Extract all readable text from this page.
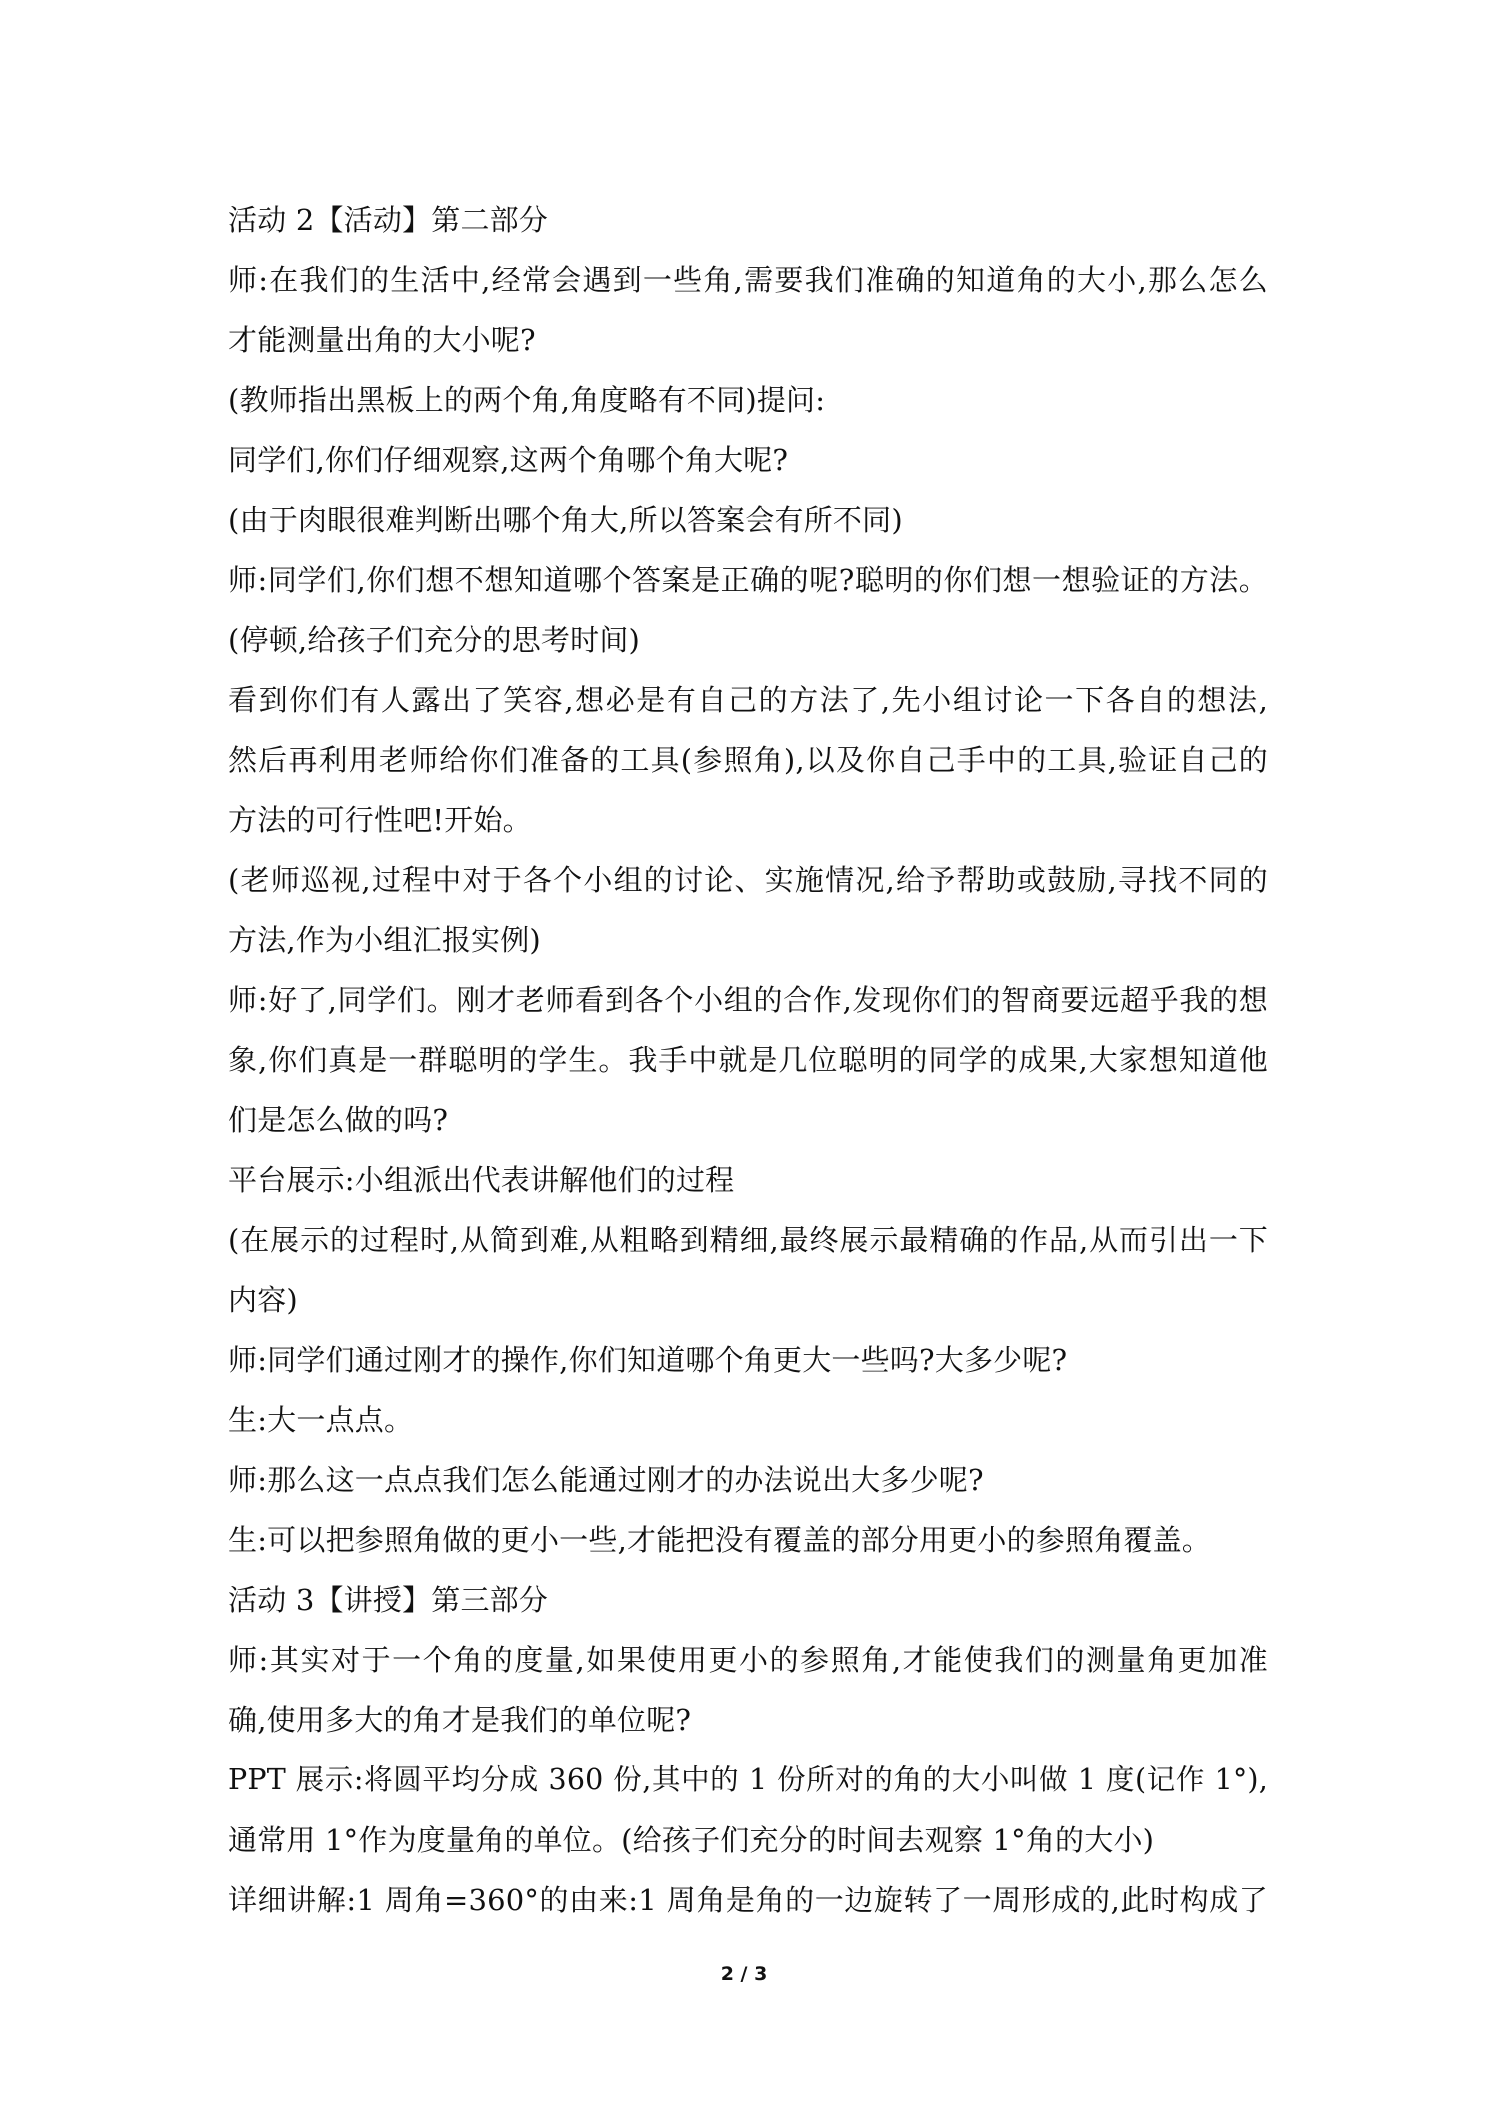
活动 2【活动】第二部分
师:在我们的生活中,经常会遇到一些角,需要我们准确的知道角的大小,那么怎么
才能测量出角的大小呢?
(教师指出黑板上的两个角,角度略有不同)提问:
同学们,你们仔细观察,这两个角哪个角大呢?
(由于肉眼很难判断出哪个角大,所以答案会有所不同)
师:同学们,你们想不想知道哪个答案是正确的呢?聪明的你们想一想验证的方法。
(停顿,给孩子们充分的思考时间)
看到你们有人露出了笑容,想必是有自己的方法了,先小组讨论一下各自的想法,
然后再利用老师给你们准备的工具(参照角),以及你自己手中的工具,验证自己的
方法的可行性吧!开始。
(老师巡视,过程中对于各个小组的讨论、实施情况,给予帮助或鼓励,寻找不同的
方法,作为小组汇报实例)
师:好了,同学们。刚才老师看到各个小组的合作,发现你们的智商要远超乎我的想
象,你们真是一群聪明的学生。我手中就是几位聪明的同学的成果,大家想知道他
们是怎么做的吗?
平台展示:小组派出代表讲解他们的过程
(在展示的过程时,从简到难,从粗略到精细,最终展示最精确的作品,从而引出一下
内容)
师:同学们通过刚才的操作,你们知道哪个角更大一些吗?大多少呢?
生:大一点点。
师:那么这一点点我们怎么能通过刚才的办法说出大多少呢?
生:可以把参照角做的更小一些,才能把没有覆盖的部分用更小的参照角覆盖。
活动 3【讲授】第三部分
师:其实对于一个角的度量,如果使用更小的参照角,才能使我们的测量角更加准
确,使用多大的角才是我们的单位呢?
PPT 展示:将圆平均分成 360 份,其中的 1 份所对的角的大小叫做 1 度(记作 1°),
通常用 1°作为度量角的单位。(给孩子们充分的时间去观察 1°角的大小)
详细讲解:1 周角=360°的由来:1 周角是角的一边旋转了一周形成的,此时构成了
2 / 3
